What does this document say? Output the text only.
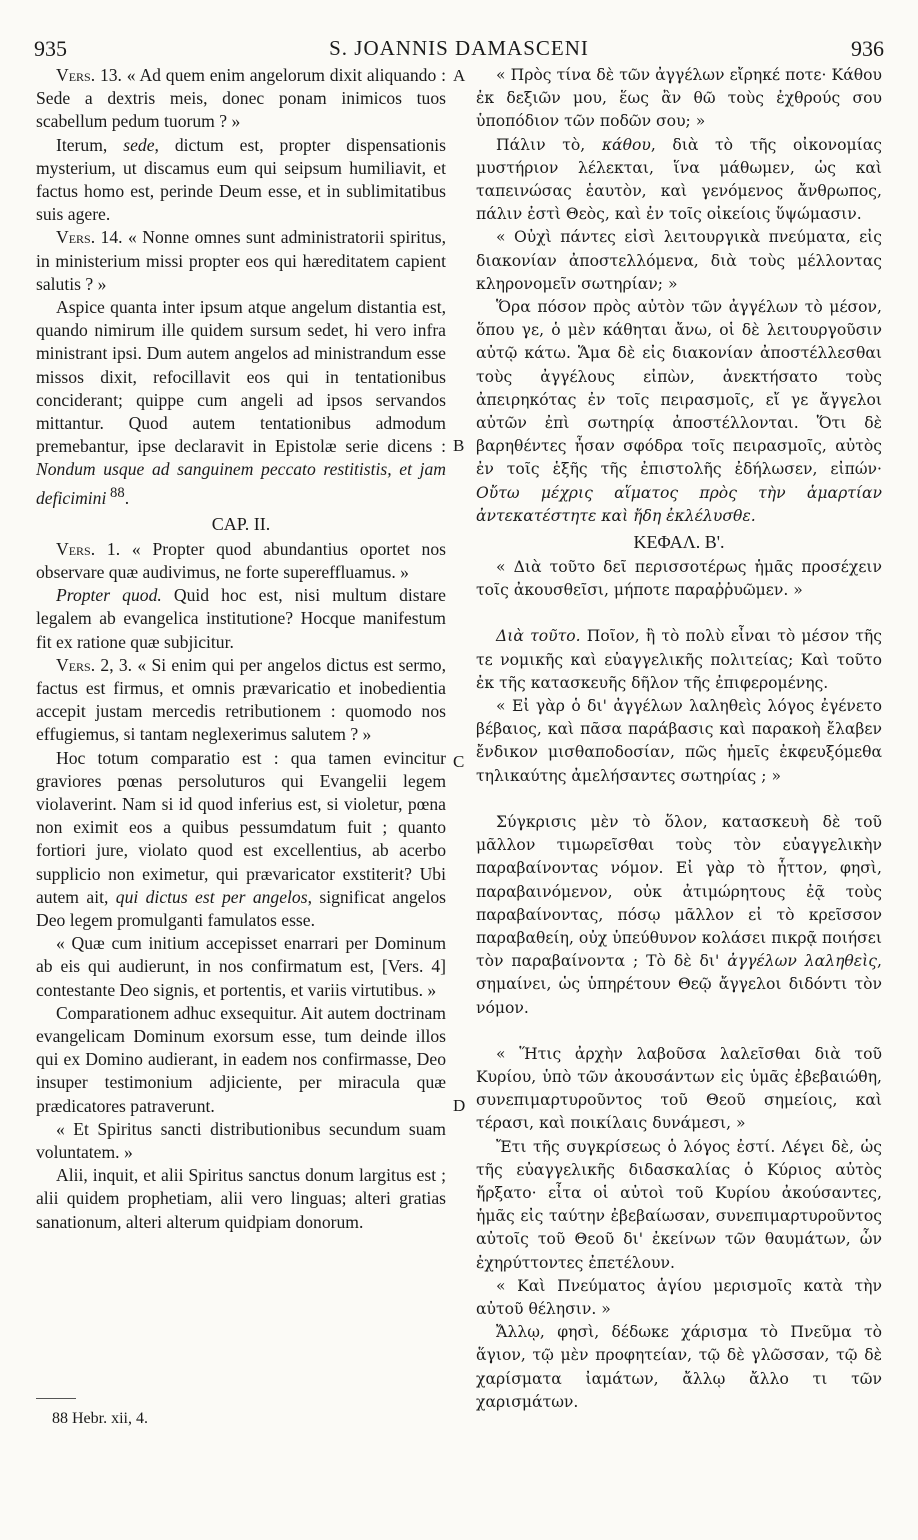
935	S. JOANNIS DAMASCENI	936
A
B
C
D

Vers. 13. « Ad quem enim angelorum dixit aliquando : Sede a dextris meis, donec ponam inimicos tuos scabellum pedum tuorum ? »

Iterum, sede, dictum est, propter dispensationis mysterium, ut discamus eum qui seipsum humiliavit, et factus homo est, perinde Deum esse, et in sublimitatibus suis agere.

Vers. 14. « Nonne omnes sunt administratorii spiritus, in ministerium missi propter eos qui hæreditatem capient salutis ? »

Aspice quanta inter ipsum atque angelum distantia est, quando nimirum ille quidem sursum sedet, hi vero infra ministrant ipsi. Dum autem angelos ad ministrandum esse missos dixit, refocillavit eos qui in tentationibus conciderant; quippe cum angeli ad ipsos servandos mittantur. Quod autem tentationibus admodum premebantur, ipse declaravit in Epistolæ serie dicens : Nondum usque ad sanguinem peccato restitistis, et jam deficimini $^{88}$.

CAP. II.

Vers. 1. « Propter quod abundantius oportet nos observare quæ audivimus, ne forte supereffluamus. »

Propter quod. Quid hoc est, nisi multum distare legalem ab evangelica institutione? Hocque manifestum fit ex ratione quæ subjicitur.

Vers. 2, 3. « Si enim qui per angelos dictus est sermo, factus est firmus, et omnis prævaricatio et inobedientia accepit justam mercedis retributionem : quomodo nos effugiemus, si tantam neglexerimus salutem ? »

Hoc totum comparatio est : qua tamen evincitur graviores pœnas persoluturos qui Evangelii legem violaverint. Nam si id quod inferius est, si violetur, pœna non eximit eos a quibus pessumdatum fuit ; quanto fortiori jure, violato quod est excellentius, ab acerbo supplicio non eximetur, qui prævaricator exstiterit? Ubi autem ait, qui dictus est per angelos, significat angelos Deo legem promulganti famulatos esse.

« Quæ cum initium accepisset enarrari per Dominum ab eis qui audierunt, in nos confirmatum est, [Vers. 4] contestante Deo signis, et portentis, et variis virtutibus. »

Comparationem adhuc exsequitur. Ait autem doctrinam evangelicam Dominum exorsum esse, tum deinde illos qui ex Domino audierant, in eadem nos confirmasse, Deo insuper testimonium adjiciente, per miracula quæ prædicatores patraverunt.

« Et Spiritus sancti distributionibus secundum suam voluntatem. »

Alii, inquit, et alii Spiritus sanctus donum largitus est ; alii quidem prophetiam, alii vero linguas; alteri gratias sanationum, alteri alterum quidpiam donorum.

« Πρὸς τίνα δὲ τῶν ἀγγέλων εἴρηκέ ποτε· Κάθου ἐκ δεξιῶν μου, ἕως ἂν θῶ τοὺς ἐχθρούς σου ὑποπόδιον τῶν ποδῶν σου; »

Πάλιν τὸ, κάθου, διὰ τὸ τῆς οἰκονομίας μυστήριον λέλεκται, ἵνα μάθωμεν, ὡς καὶ ταπεινώσας ἑαυτὸν, καὶ γενόμενος ἄνθρωπος, πάλιν ἐστὶ Θεὸς, καὶ ἐν τοῖς οἰκείοις ὕψώμασιν.

« Οὐχὶ πάντες εἰσὶ λειτουργικὰ πνεύματα, εἰς διακονίαν ἀποστελλόμενα, διὰ τοὺς μέλλοντας κληρονομεῖν σωτηρίαν; »

Ὅρα πόσον πρὸς αὐτὸν τῶν ἀγγέλων τὸ μέσον, ὅπου γε, ὁ μὲν κάθηται ἄνω, οἱ δὲ λειτουργοῦσιν αὐτῷ κάτω. Ἅμα δὲ εἰς διακονίαν ἀποστέλλεσθαι τοὺς ἀγγέλους εἰπὼν, ἀνεκτήσατο τοὺς ἀπειρηκότας ἐν τοῖς πειρασμοῖς, εἴ γε ἄγγελοι αὐτῶν ἐπὶ σωτηρίᾳ ἀποστέλλονται. Ὅτι δὲ βαρηθέντες ἦσαν σφόδρα τοῖς πειρασμοῖς, αὐτὸς ἐν τοῖς ἑξῆς τῆς ἐπιστολῆς ἐδήλωσεν, εἰπών· Οὔτω μέχρις αἵματος πρὸς τὴν ἁμαρτίαν ἀντεκατέστητε καὶ ἤδη ἐκλέλυσθε.

ΚΕΦΑΛ. Β'.

« Διὰ τοῦτο δεῖ περισσοτέρως ἡμᾶς προσέχειν τοῖς ἀκουσθεῖσι, μήποτε παραῤῥυῶμεν. »

Διὰ τοῦτο. Ποῖον, ἢ τὸ πολὺ εἶναι τὸ μέσον τῆς τε νομικῆς καὶ εὐαγγελικῆς πολιτείας; Καὶ τοῦτο ἐκ τῆς κατασκευῆς δῆλον τῆς ἐπιφερομένης.

« Εἰ γὰρ ὁ δι' ἀγγέλων λαληθεὶς λόγος ἐγένετο βέβαιος, καὶ πᾶσα παράβασις καὶ παρακοὴ ἔλαβεν ἔνδικον μισθαποδοσίαν, πῶς ἡμεῖς ἐκφευξόμεθα τηλικαύτης ἀμελήσαντες σωτηρίας ; »

Σύγκρισις μὲν τὸ ὅλον, κατασκευὴ δὲ τοῦ μᾶλλον τιμωρεῖσθαι τοὺς τὸν εὐαγγελικὴν παραβαίνοντας νόμον. Εἰ γὰρ τὸ ἧττον, φησὶ, παραβαινόμενον, οὐκ ἀτιμώρητους ἐᾷ τοὺς παραβαίνοντας, πόσῳ μᾶλλον εἰ τὸ κρεῖσσον παραβαθείη, οὐχ ὑπεύθυνον κολάσει πικρᾷ ποιήσει τὸν παραβαίνοντα ; Τὸ δὲ δι' ἀγγέλων λαληθεὶς, σημαίνει, ὡς ὑπηρέτουν Θεῷ ἄγγελοι διδόντι τὸν νόμον.

« Ἥτις ἀρχὴν λαβοῦσα λαλεῖσθαι διὰ τοῦ Κυρίου, ὑπὸ τῶν ἀκουσάντων εἰς ὑμᾶς ἐβεβαιώθη, συνεπιμαρτυροῦντος τοῦ Θεοῦ σημείοις, καὶ τέρασι, καὶ ποικίλαις δυνάμεσι, »

Ἔτι τῆς συγκρίσεως ὁ λόγος ἐστί. Λέγει δὲ, ὡς τῆς εὐαγγελικῆς διδασκαλίας ὁ Κύριος αὐτὸς ἤρξατο· εἶτα οἱ αὐτοὶ τοῦ Κυρίου ἀκούσαντες, ἡμᾶς εἰς ταύτην ἐβεβαίωσαν, συνεπιμαρτυροῦντος αὐτοῖς τοῦ Θεοῦ δι' ἐκείνων τῶν θαυμάτων, ὧν ἐχηρύττοντες ἐπετέλουν.

« Καὶ Πνεύματος ἁγίου μερισμοῖς κατὰ τὴν αὐτοῦ θέλησιν. »

Ἄλλῳ, φησὶ, δέδωκε χάρισμα τὸ Πνεῦμα τὸ ἅγιον, τῷ μὲν προφητείαν, τῷ δὲ γλῶσσαν, τῷ δὲ χαρίσματα ἰαμάτων, ἄλλῳ ἄλλο τι τῶν χαρισμάτων.

88 Hebr. xii, 4.
